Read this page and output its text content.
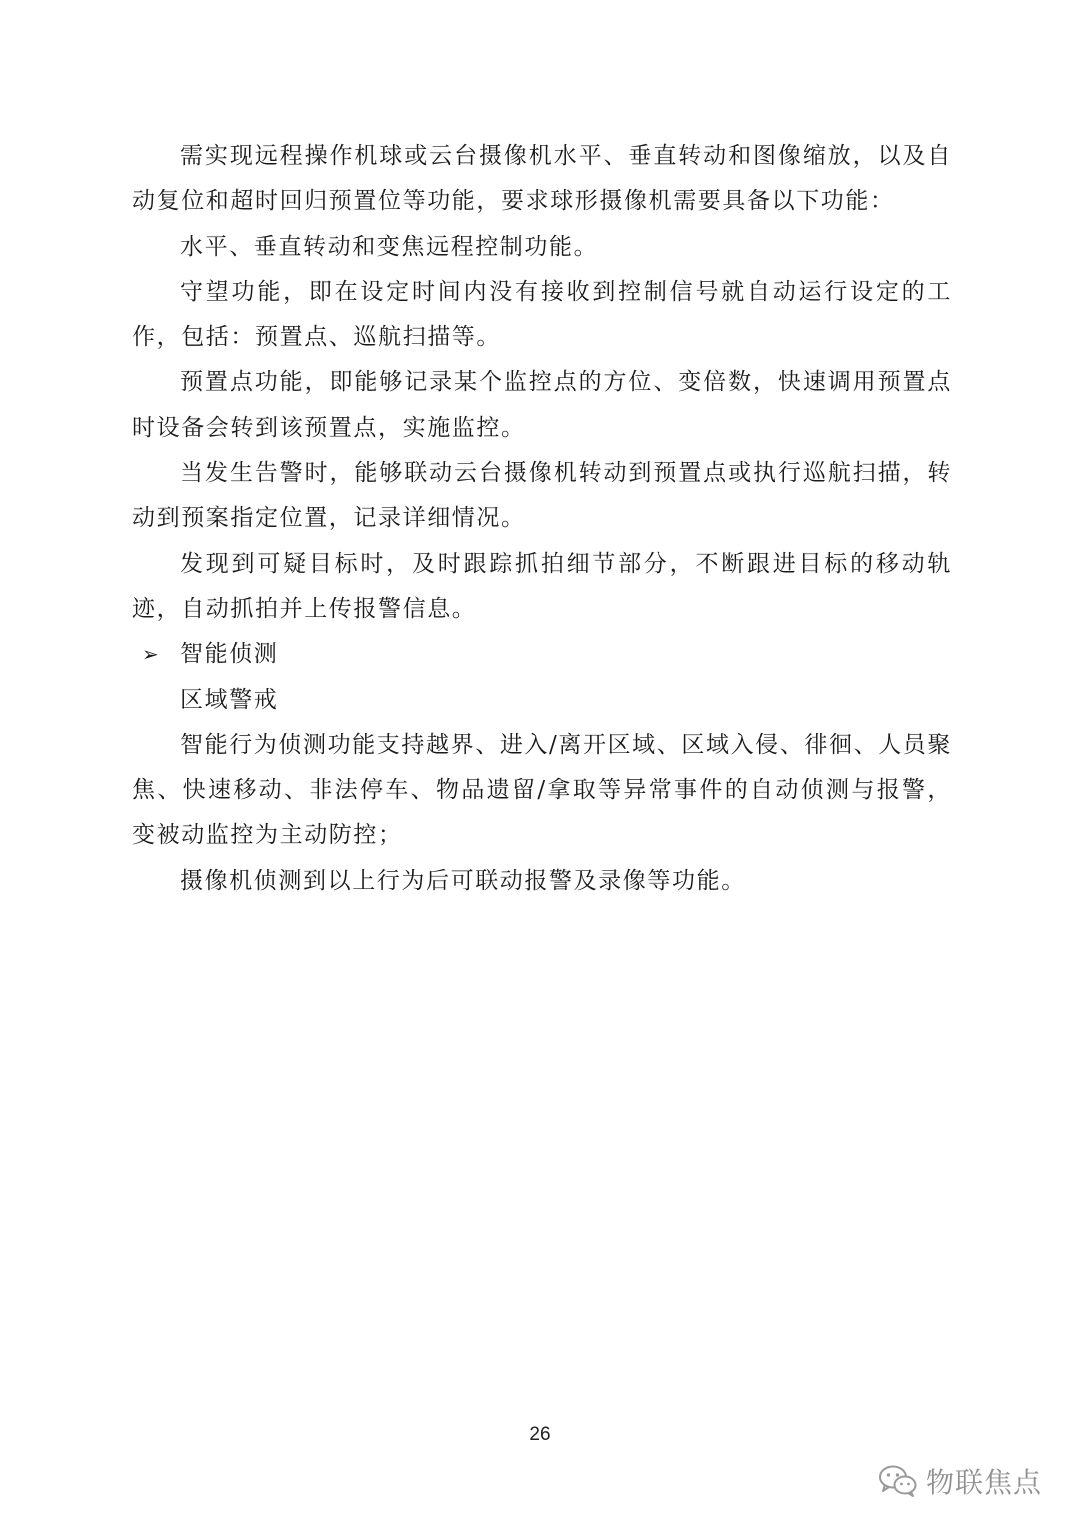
需实现远程操作机球或云台摄像机水平、垂直转动和图像缩放，以及自动复位和超时回归预置位等功能，要求球形摄像机需要具备以下功能：

水平、垂直转动和变焦远程控制功能。

守望功能，即在设定时间内没有接收到控制信号就自动运行设定的工作，包括：预置点、巡航扫描等。

预置点功能，即能够记录某个监控点的方位、变倍数，快速调用预置点时设备会转到该预置点，实施监控。

当发生告警时，能够联动云台摄像机转动到预置点或执行巡航扫描，转动到预案指定位置，记录详细情况。

发现到可疑目标时，及时跟踪抓拍细节部分，不断跟进目标的移动轨迹，自动抓拍并上传报警信息。

➢ 智能侦测

区域警戒

智能行为侦测功能支持越界、进入/离开区域、区域入侵、徘徊、人员聚焦、快速移动、非法停车、物品遗留/拿取等异常事件的自动侦测与报警，变被动监控为主动防控；

摄像机侦测到以上行为后可联动报警及录像等功能。

26
物联焦点
